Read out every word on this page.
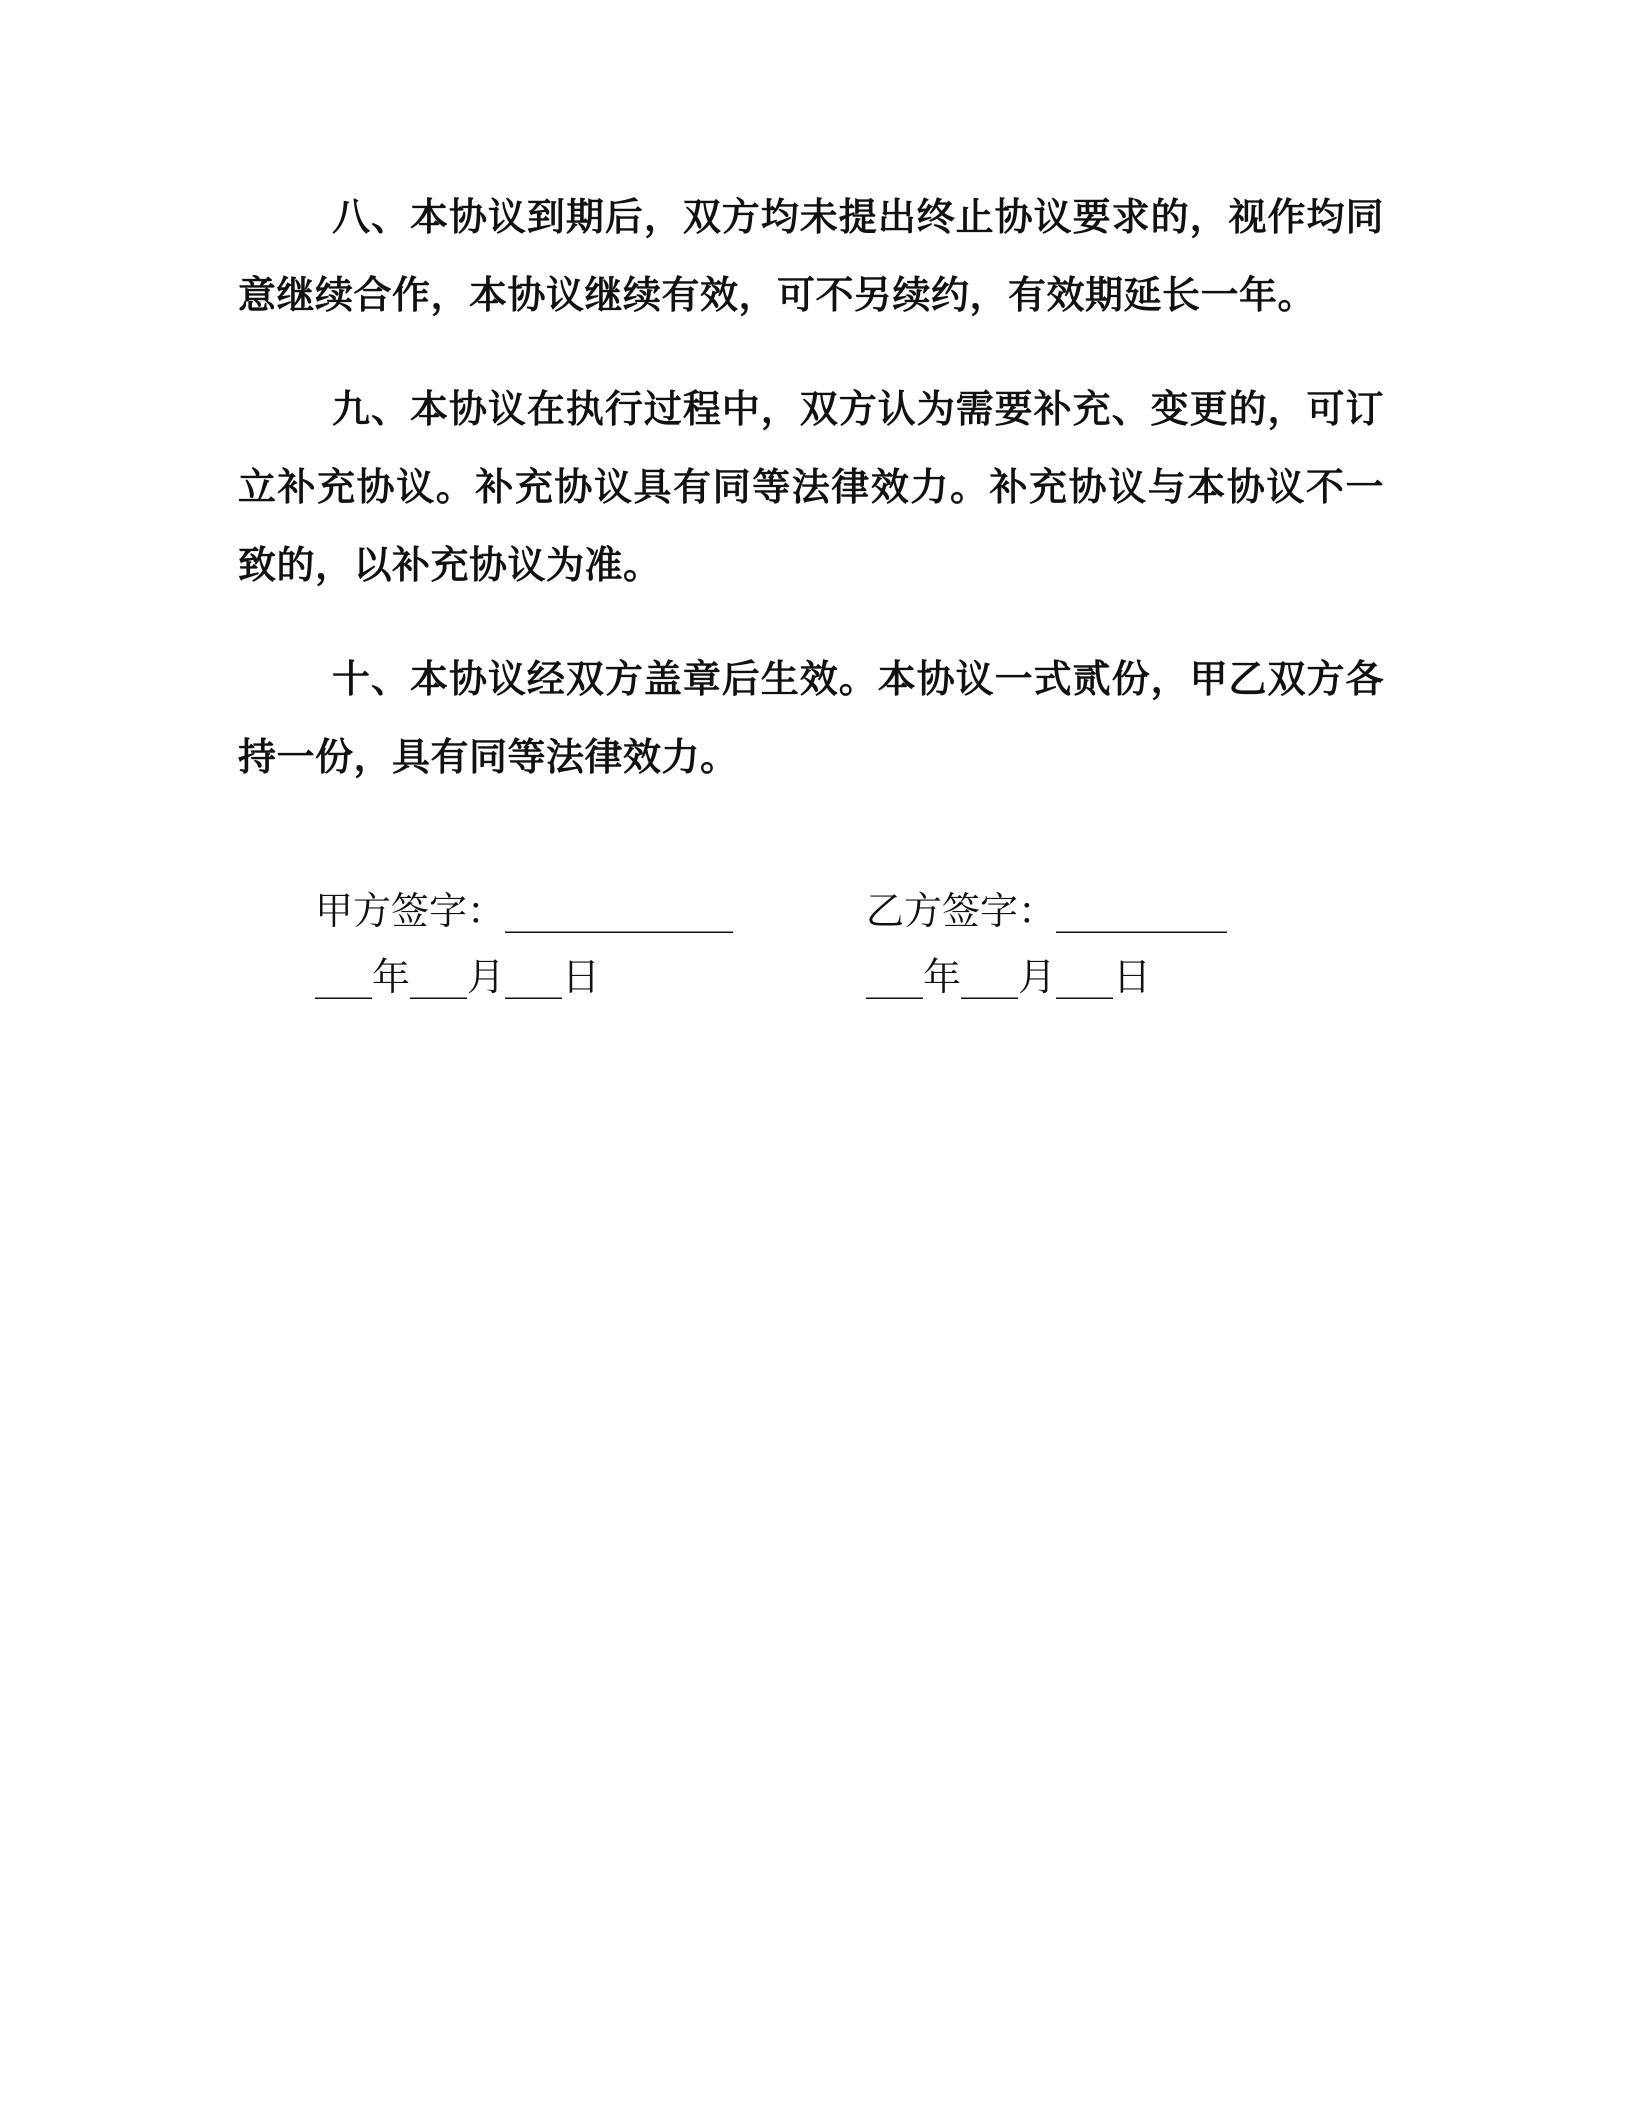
八、本协议到期后，双方均未提出终止协议要求的，视作均同意继续合作，本协议继续有效，可不另续约，有效期延长一年。

九、本协议在执行过程中，双方认为需要补充、变更的，可订立补充协议。补充协议具有同等法律效力。补充协议与本协议不一致的，以补充协议为准。

十、本协议经双方盖章后生效。本协议一式贰份，甲乙双方各持一份，具有同等法律效力。

甲方签字：____________
___年___月___日
乙方签字：_________
___年___月___日
